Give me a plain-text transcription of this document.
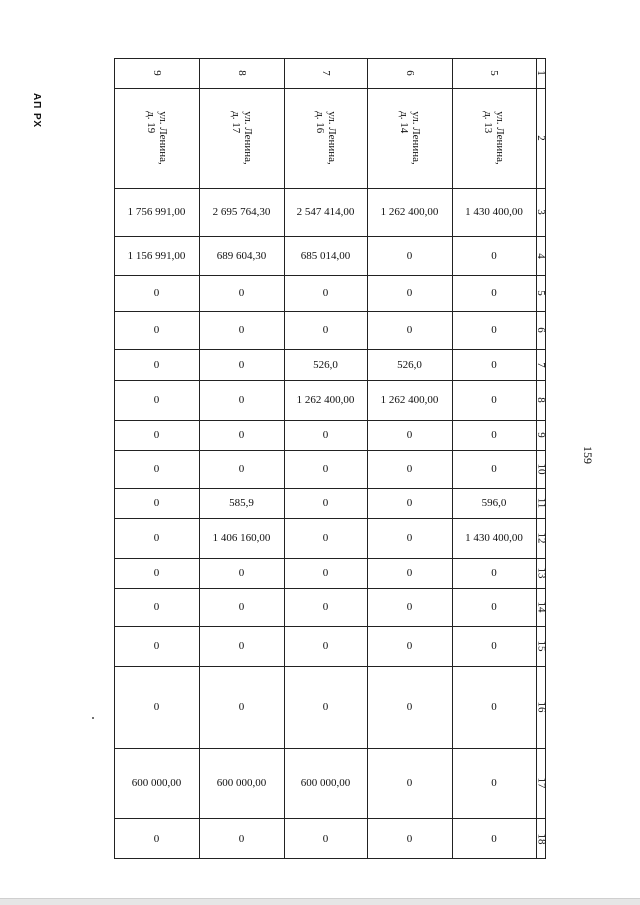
АП РХ
159
1
2
3
4
5
6
7
8
9
10
11
12
13
14
15
16
17
18
5
ул. Ленина,
д. 13
1 430 400,00
0
0
0
0
0
0
0
596,0
1 430 400,00
0
0
0
0
0
0
6
ул. Ленина,
д. 14
1 262 400,00
0
0
0
526,0
1 262 400,00
0
0
0
0
0
0
0
0
0
0
7
ул. Ленина,
д. 16
2 547 414,00
685 014,00
0
0
526,0
1 262 400,00
0
0
0
0
0
0
0
0
600 000,00
0
8
ул. Ленина,
д. 17
2 695 764,30
689 604,30
0
0
0
0
0
0
585,9
1 406 160,00
0
0
0
0
600 000,00
0
9
ул. Ленина,
д. 19
1 756 991,00
1 156 991,00
0
0
0
0
0
0
0
0
0
0
0
0
600 000,00
0
